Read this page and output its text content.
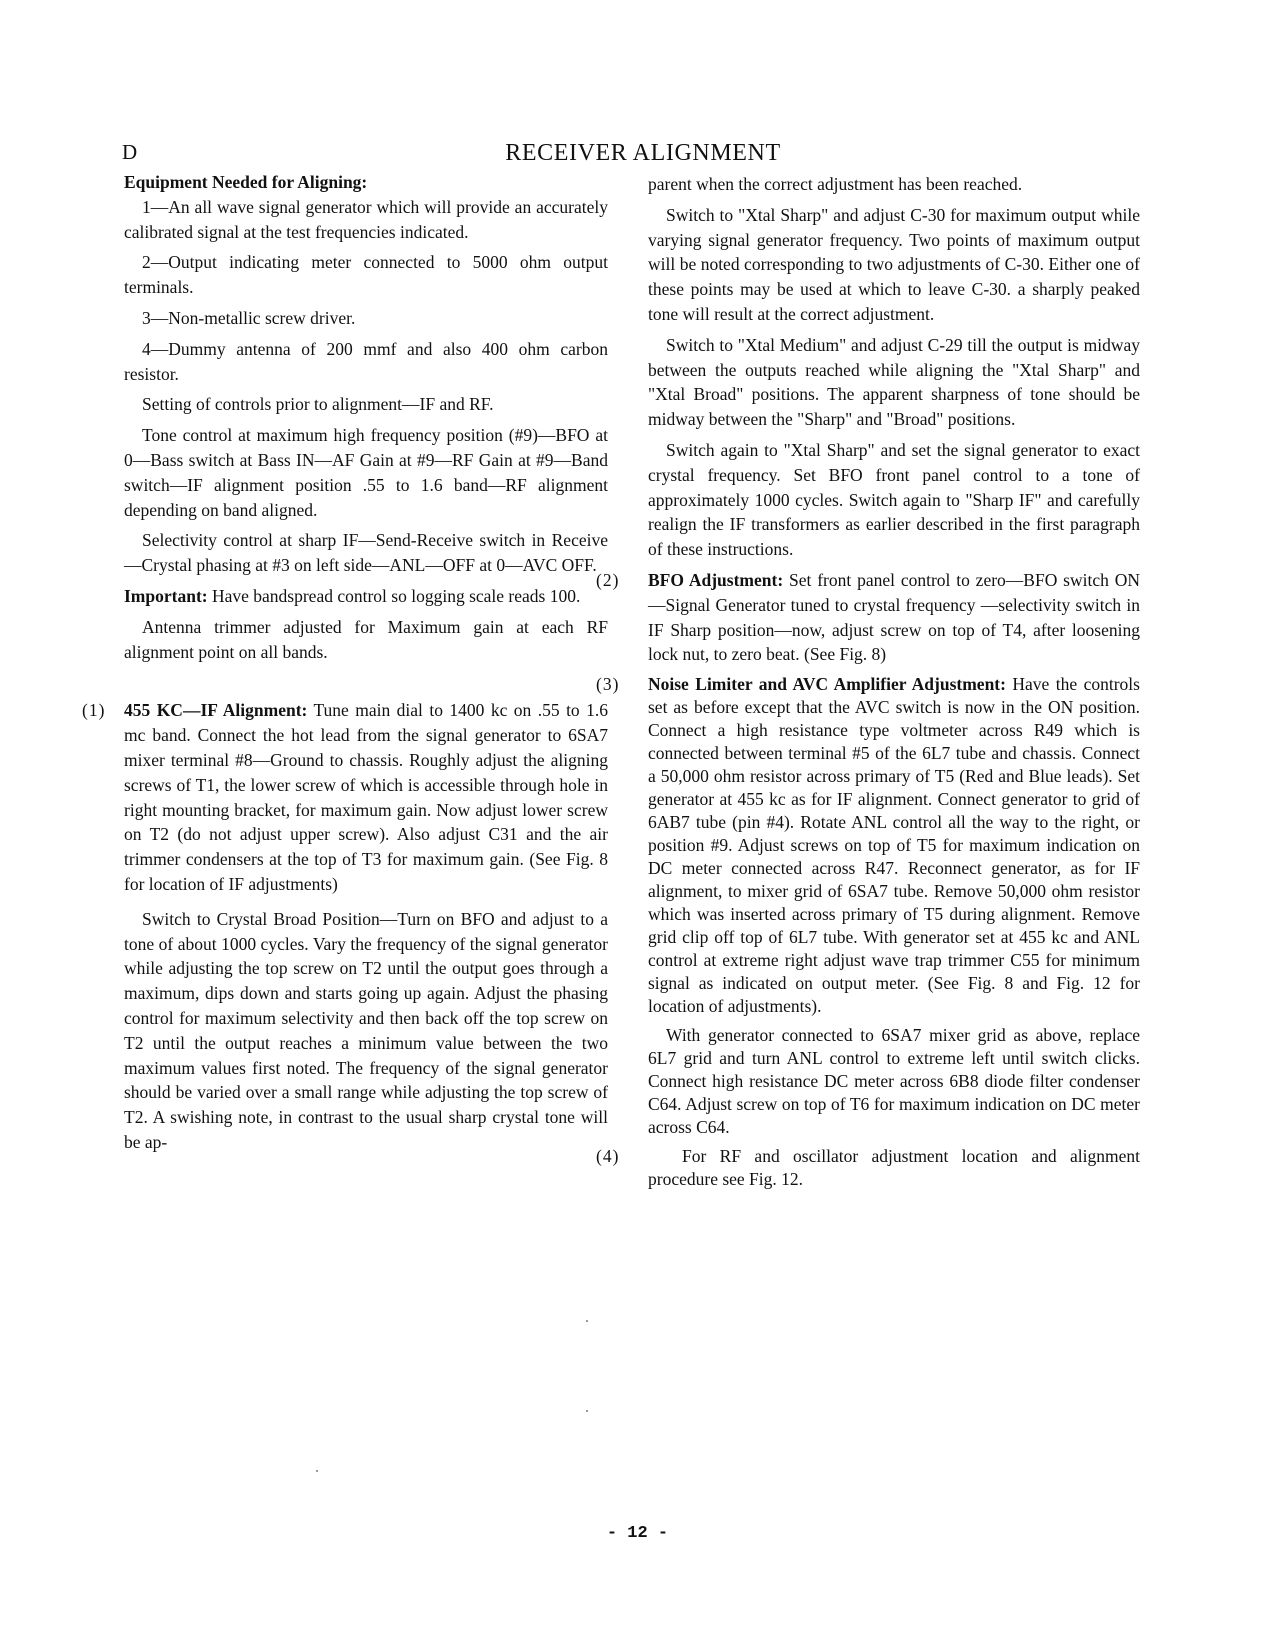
D	RECEIVER ALIGNMENT

Equipment Needed for Aligning:

1—An all wave signal generator which will provide an accurately calibrated signal at the test frequencies indicated.

2—Output indicating meter connected to 5000 ohm output terminals.

3—Non-metallic screw driver.

4—Dummy antenna of 200 mmf and also 400 ohm carbon resistor.

Setting of controls prior to alignment—IF and RF.

Tone control at maximum high frequency position (#9)—BFO at 0—Bass switch at Bass IN—AF Gain at #9—RF Gain at #9—Band switch—IF alignment position .55 to 1.6 band—RF alignment depending on band aligned.

Selectivity control at sharp IF—Send-Receive switch in Receive—Crystal phasing at #3 on left side—ANL—OFF at 0—AVC OFF.

Important: Have bandspread control so logging scale reads 100.

Antenna trimmer adjusted for Maximum gain at each RF alignment point on all bands.

(1) 455 KC—IF Alignment: Tune main dial to 1400 kc on .55 to 1.6 mc band. Connect the hot lead from the signal generator to 6SA7 mixer terminal #8—Ground to chassis. Roughly adjust the aligning screws of T1, the lower screw of which is accessible through hole in right mounting bracket, for maximum gain. Now adjust lower screw on T2 (do not adjust upper screw). Also adjust C31 and the air trimmer condensers at the top of T3 for maximum gain. (See Fig. 8 for location of IF adjustments)

Switch to Crystal Broad Position—Turn on BFO and adjust to a tone of about 1000 cycles. Vary the frequency of the signal generator while adjusting the top screw on T2 until the output goes through a maximum, dips down and starts going up again. Adjust the phasing control for maximum selectivity and then back off the top screw on T2 until the output reaches a minimum value between the two maximum values first noted. The frequency of the signal generator should be varied over a small range while adjusting the top screw of T2. A swishing note, in contrast to the usual sharp crystal tone will be ap-

parent when the correct adjustment has been reached.

Switch to "Xtal Sharp" and adjust C-30 for maximum output while varying signal generator frequency. Two points of maximum output will be noted corresponding to two adjustments of C-30. Either one of these points may be used at which to leave C-30. a sharply peaked tone will result at the correct adjustment.

Switch to "Xtal Medium" and adjust C-29 till the output is midway between the outputs reached while aligning the "Xtal Sharp" and "Xtal Broad" positions. The apparent sharpness of tone should be midway between the "Sharp" and "Broad" positions.

Switch again to "Xtal Sharp" and set the signal generator to exact crystal frequency. Set BFO front panel control to a tone of approximately 1000 cycles. Switch again to "Sharp IF" and carefully realign the IF transformers as earlier described in the first paragraph of these instructions.

(2) BFO Adjustment: Set front panel control to zero—BFO switch ON—Signal Generator tuned to crystal frequency —selectivity switch in IF Sharp position—now, adjust screw on top of T4, after loosening lock nut, to zero beat. (See Fig. 8)

(3) Noise Limiter and AVC Amplifier Adjustment: Have the controls set as before except that the AVC switch is now in the ON position. Connect a high resistance type voltmeter across R49 which is connected between terminal #5 of the 6L7 tube and chassis. Connect a 50,000 ohm resistor across primary of T5 (Red and Blue leads). Set generator at 455 kc as for IF alignment. Connect generator to grid of 6AB7 tube (pin #4). Rotate ANL control all the way to the right, or position #9. Adjust screws on top of T5 for maximum indication on DC meter connected across R47. Reconnect generator, as for IF alignment, to mixer grid of 6SA7 tube. Remove 50,000 ohm resistor which was inserted across primary of T5 during alignment. Remove grid clip off top of 6L7 tube. With generator set at 455 kc and ANL control at extreme right adjust wave trap trimmer C55 for minimum signal as indicated on output meter. (See Fig. 8 and Fig. 12 for location of adjustments).

With generator connected to 6SA7 mixer grid as above, replace 6L7 grid and turn ANL control to extreme left until switch clicks. Connect high resistance DC meter across 6B8 diode filter condenser C64. Adjust screw on top of T6 for maximum indication on DC meter across C64.

(4)	For RF and oscillator adjustment location and alignment procedure see Fig. 12.

- 12 -
